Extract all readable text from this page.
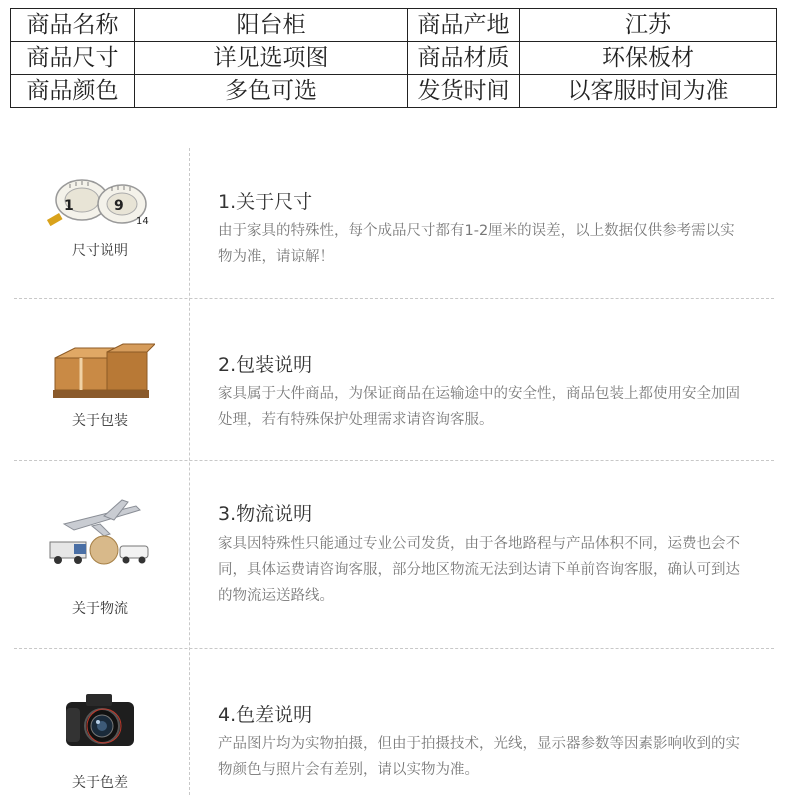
商品名称	阳台柜	商品产地	江苏
商品尺寸	详见选项图	商品材质	环保板材
商品颜色	多色可选	发货时间	以客服时间为准
1	9
14
尺寸说明
1.关于尺寸
由于家具的特殊性，每个成品尺寸都有1-2厘米的误差，以上数据仅供参考需以实物为准，请谅解！
关于包装
2.包装说明
家具属于大件商品，为保证商品在运输途中的安全性，商品包装上都使用安全加固处理，若有特殊保护处理需求请咨询客服。
关于物流
3.物流说明
家具因特殊性只能通过专业公司发货，由于各地路程与产品体积不同，运费也会不同，具体运费请咨询客服，部分地区物流无法到达请下单前咨询客服，确认可到达的物流运送路线。
关于色差
4.色差说明
产品图片均为实物拍摄，但由于拍摄技术，光线，显示器参数等因素影响收到的实物颜色与照片会有差别，请以实物为准。
